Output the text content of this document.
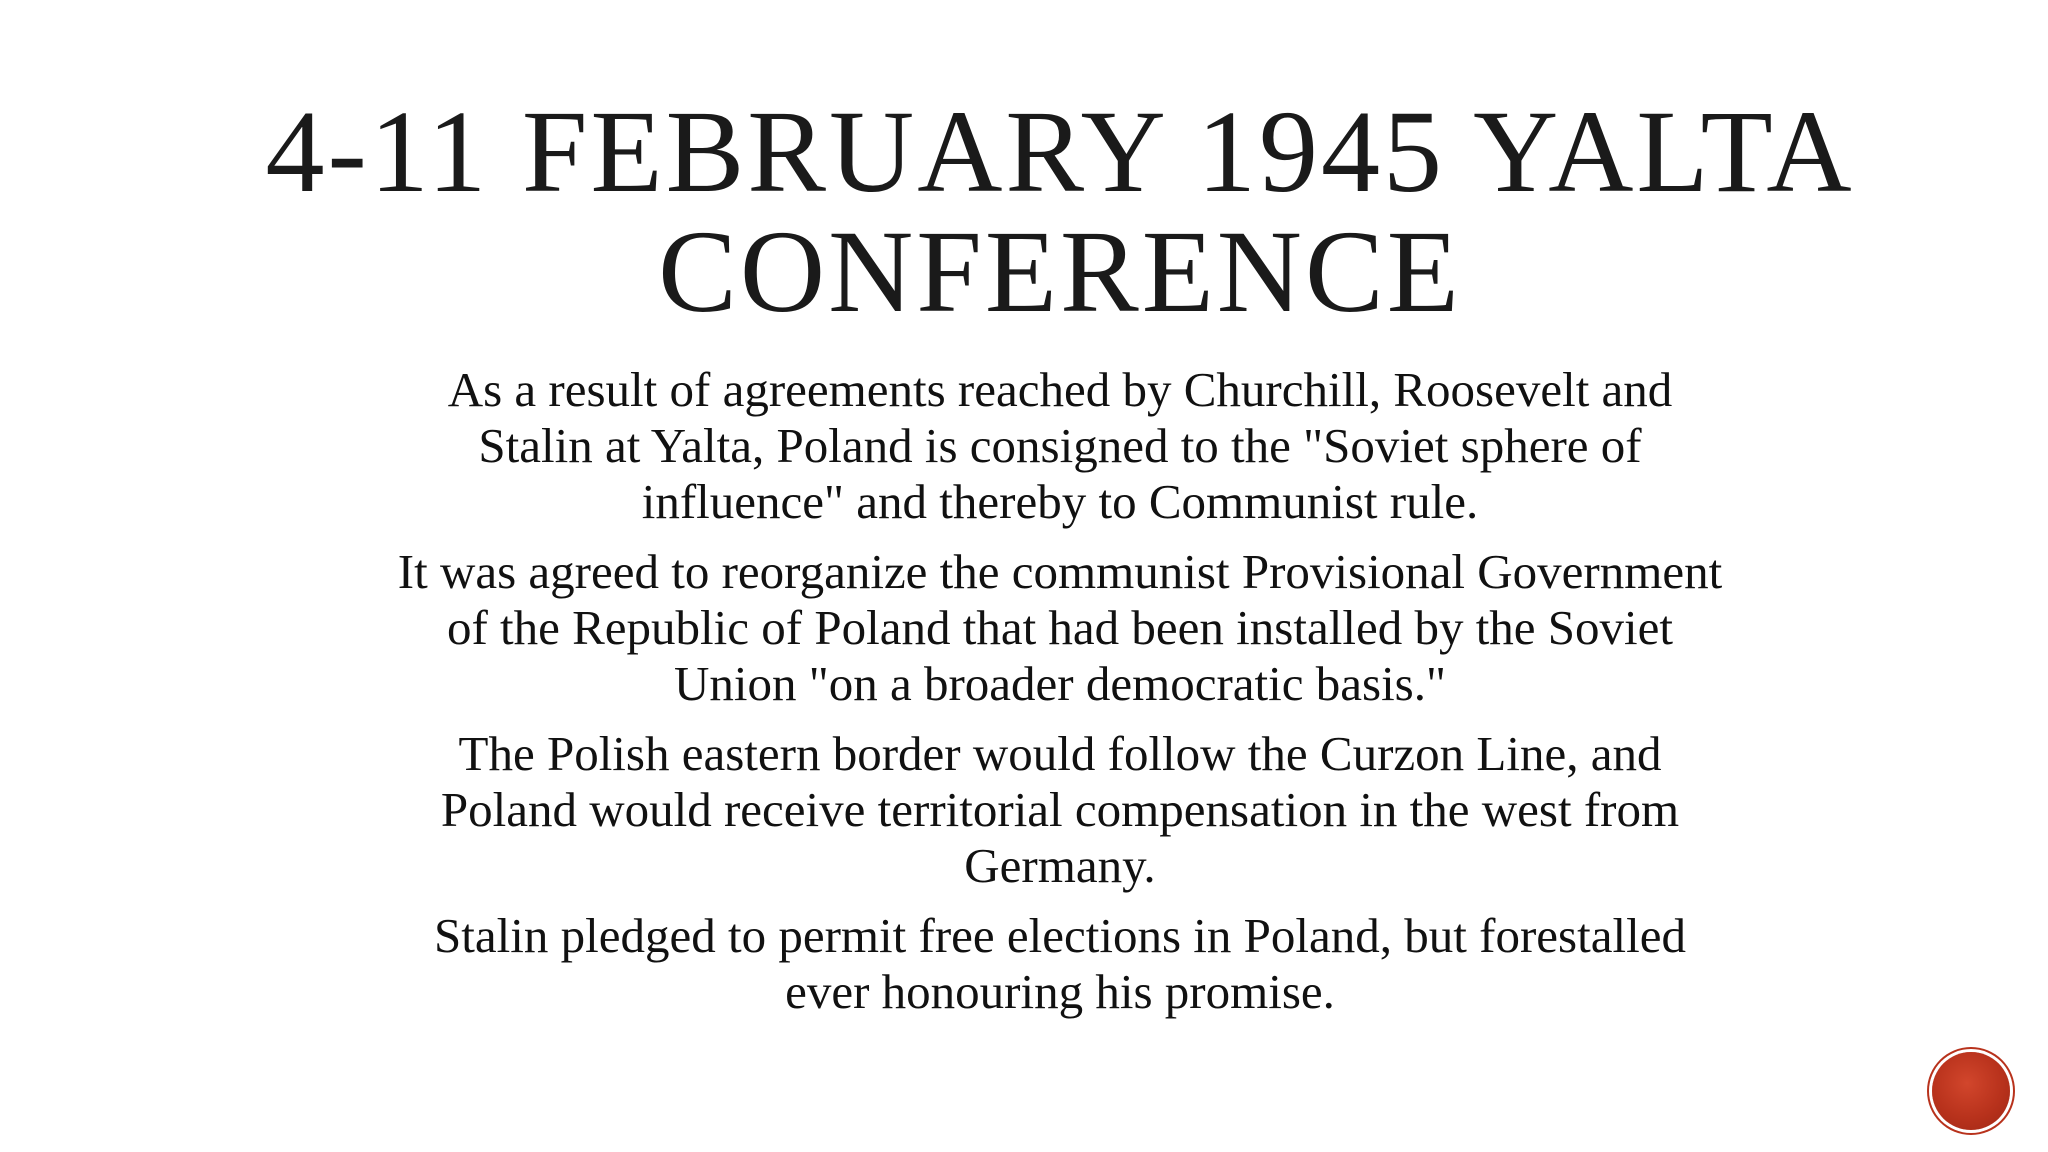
4-11 FEBRUARY 1945 YALTA
CONFERENCE

As a result of agreements reached by Churchill, Roosevelt and
Stalin at Yalta, Poland is consigned to the "Soviet sphere of
influence" and thereby to Communist rule.

It was agreed to reorganize the communist Provisional Government
of the Republic of Poland that had been installed by the Soviet
Union "on a broader democratic basis."

The Polish eastern border would follow the Curzon Line, and
Poland would receive territorial compensation in the west from
Germany.

Stalin pledged to permit free elections in Poland, but forestalled
ever honouring his promise.
